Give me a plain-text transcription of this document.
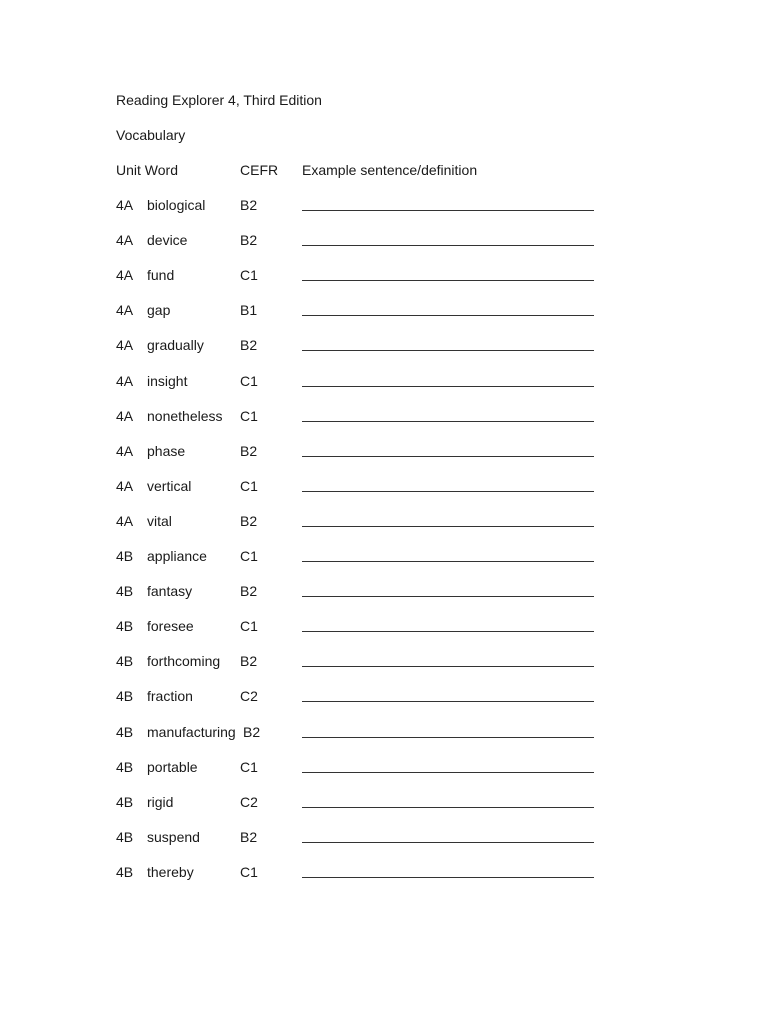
Reading Explorer 4, Third Edition
Vocabulary
Unit Word	CEFR Example sentence/definition
4A biological B2
4A device	B2
4A fund	C1
4A gap	B1
4A gradually	B2
4A insight	C1
4A nonetheless C1
4A phase	B2
4A vertical	C1
4A vital	B2
4B appliance C1
4B fantasy	B2
4B foresee	C1
4B forthcoming B2
4B fraction	C2
4B manufacturing B2
4B portable	C1
4B rigid	C2
4B suspend	B2
4B thereby	C1
